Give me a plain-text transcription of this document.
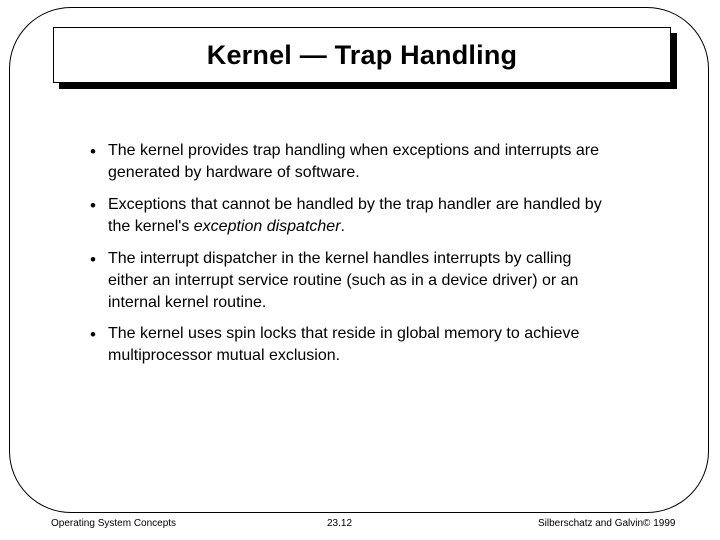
Kernel — Trap Handling
• The kernel provides trap handling when exceptions and interrupts are generated by hardware of software.
• Exceptions that cannot be handled by the trap handler are handled by the kernel's exception dispatcher.
• The interrupt dispatcher in the kernel handles interrupts by calling either an interrupt service routine (such as in a device driver) or an internal kernel routine.
• The kernel uses spin locks that reside in global memory to achieve multiprocessor mutual exclusion.
Operating System Concepts	23.12	Silberschatz and Galvin© 1999
